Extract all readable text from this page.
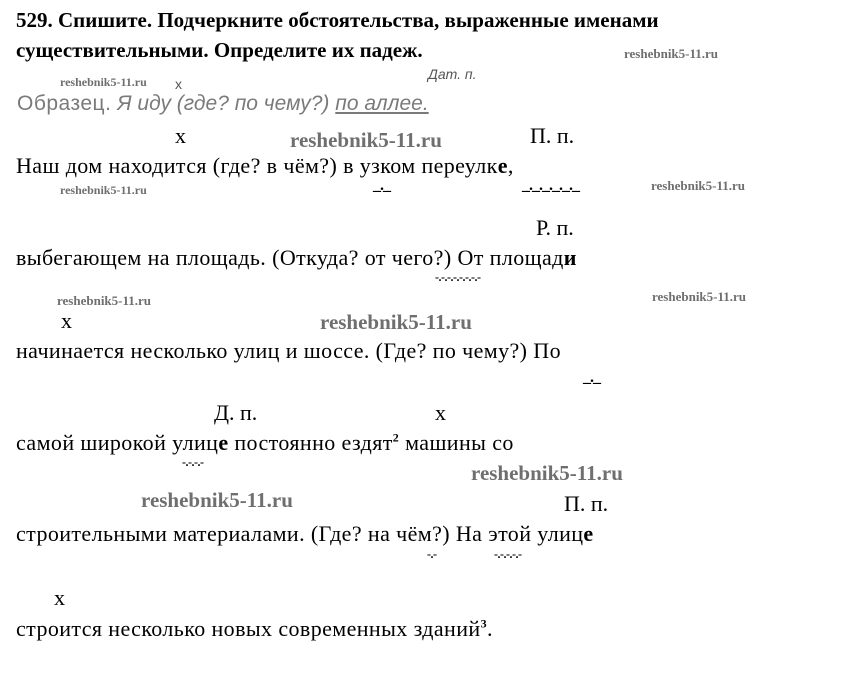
529. Спишите. Подчеркните обстоятельства, выраженные именами
существительными. Определите их падеж.	reshebnik5-11.ru
reshebnik5-11.ru x
Дат. п.
Образец. Я иду (где? по чему?) по аллее.
x	reshebnik5-11.ru	П. п.
Наш дом находится (где? в чём?) в узком переулке,
reshebnik5-11.ru	_._	_._._._._._	reshebnik5-11.ru
Р. п.
выбегающем на площадь. (Откуда? от чего?) От площади
-.-.-.-.-.-.-.-
reshebnik5-11.ru	reshebnik5-11.ru
x	reshebnik5-11.ru
начинается несколько улиц и шоссе. (Где? по чему?) По
_._
Д. п.	x
самой широкой улице постоянно ездят$^2$ машины со
-.-.-.-	reshebnik5-11.ru
reshebnik5-11.ru	П. п.
строительными материалами. (Где? на чём?) На этой улице
-.-	-.-.-.-.-
x
строится несколько новых современных зданий$^3$.
